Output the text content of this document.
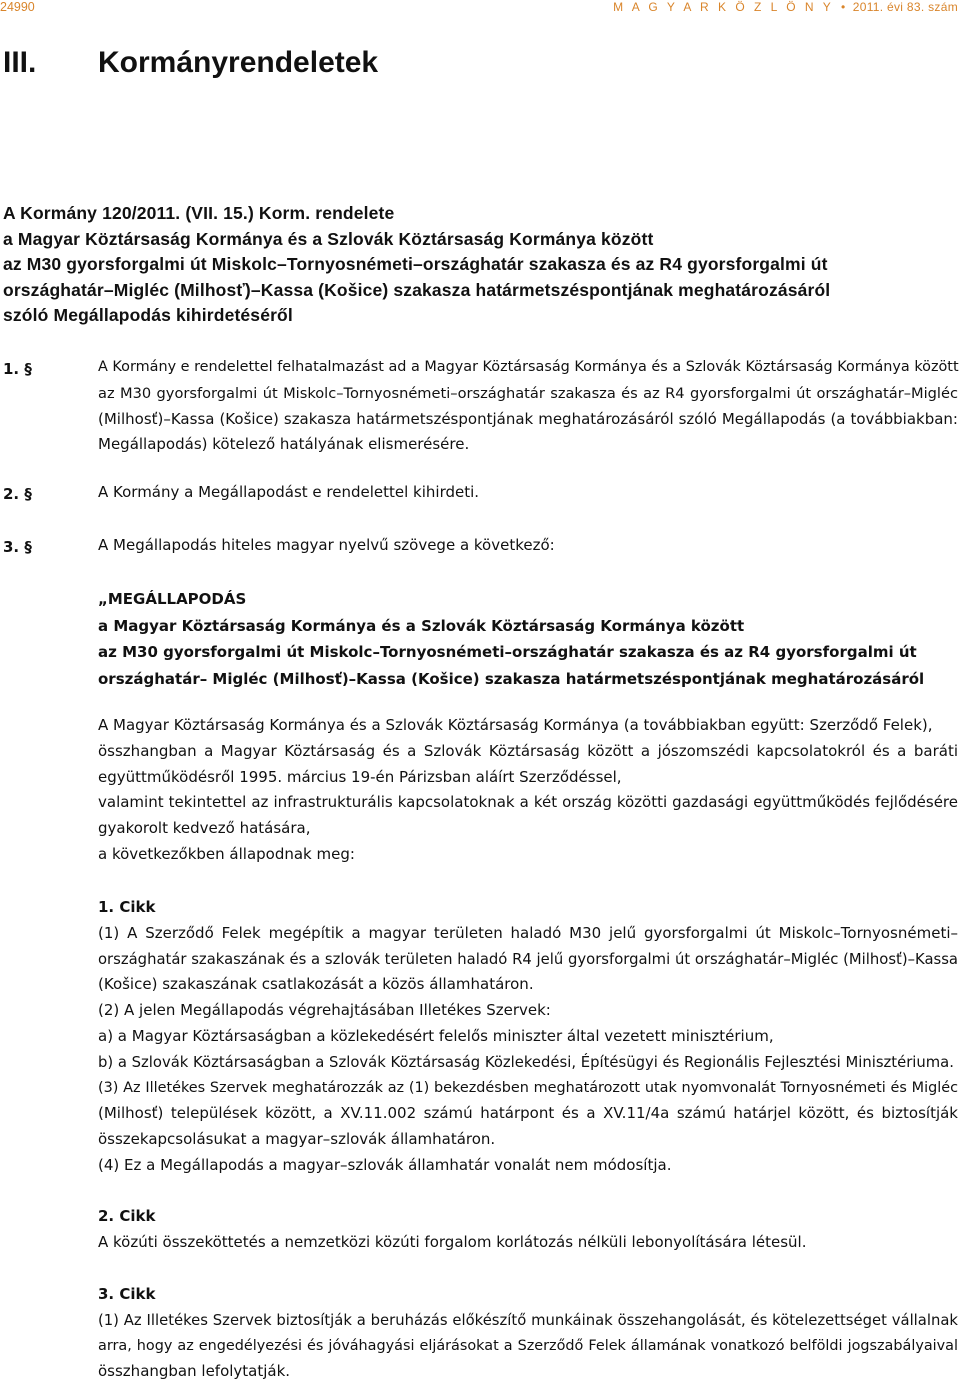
24990	M A G Y A R K Ö Z L Ö N Y  •  2011. évi 83. szám
III. Kormányrendeletek
A Kormány 120/2011. (VII. 15.) Korm. rendelete
a Magyar Köztársaság Kormánya és a Szlovák Köztársaság Kormánya között
az M30 gyorsforgalmi út Miskolc–Tornyosnémeti–országhatár szakasza és az R4 gyorsforgalmi út
országhatár–Migléc (Milhosť)–Kassa (Košice) szakasza határmetszéspontjának meghatározásáról
szóló Megállapodás kihirdetéséről
1. §	A Kormány e rendelettel felhatalmazást ad a Magyar Köztársaság Kormánya és a Szlovák Köztársaság Kormánya között
az M30 gyorsforgalmi út Miskolc–Tornyosnémeti–országhatár szakasza és az R4 gyorsforgalmi út országhatár–Migléc
(Milhosť)–Kassa (Košice) szakasza határmetszéspontjának meghatározásáról szóló Megállapodás (a továbbiakban:
Megállapodás) kötelező hatályának elismerésére.
2. §	A Kormány a Megállapodást e rendelettel kihirdeti.
3. §	A Megállapodás hiteles magyar nyelvű szövege a következő:
„MEGÁLLAPODÁS
a Magyar Köztársaság Kormánya és a Szlovák Köztársaság Kormánya között
az M30 gyorsforgalmi út Miskolc–Tornyosnémeti–országhatár szakasza és az R4 gyorsforgalmi út
országhatár– Migléc (Milhosť)–Kassa (Košice) szakasza határmetszéspontjának meghatározásáról
A Magyar Köztársaság Kormánya és a Szlovák Köztársaság Kormánya (a továbbiakban együtt: Szerződő Felek),
összhangban a Magyar Köztársaság és a Szlovák Köztársaság között a jószomszédi kapcsolatokról és a baráti
együttműködésről 1995. március 19-én Párizsban aláírt Szerződéssel,
valamint tekintettel az infrastrukturális kapcsolatoknak a két ország közötti gazdasági együttműködés fejlődésére
gyakorolt kedvező hatására,
a következőkben állapodnak meg:
1. Cikk
(1) A Szerződő Felek megépítik a magyar területen haladó M30 jelű gyorsforgalmi út Miskolc–Tornyosnémeti–
országhatár szakaszának és a szlovák területen haladó R4 jelű gyorsforgalmi út országhatár–Migléc (Milhosť)–Kassa
(Košice) szakaszának csatlakozását a közös államhatáron.
(2) A jelen Megállapodás végrehajtásában Illetékes Szervek:
a) a Magyar Köztársaságban a közlekedésért felelős miniszter által vezetett minisztérium,
b) a Szlovák Köztársaságban a Szlovák Köztársaság Közlekedési, Építésügyi és Regionális Fejlesztési Minisztériuma.
(3) Az Illetékes Szervek meghatározzák az (1) bekezdésben meghatározott utak nyomvonalát Tornyosnémeti és Migléc
(Milhosť) települések között, a XV.11.002 számú határpont és a XV.11/4a számú határjel között, és biztosítják
összekapcsolásukat a magyar–szlovák államhatáron.
(4) Ez a Megállapodás a magyar–szlovák államhatár vonalát nem módosítja.
2. Cikk
A közúti összeköttetés a nemzetközi közúti forgalom korlátozás nélküli lebonyolítására létesül.
3. Cikk
(1) Az Illetékes Szervek biztosítják a beruházás előkészítő munkáinak összehangolását, és kötelezettséget vállalnak
arra, hogy az engedélyezési és jóváhagyási eljárásokat a Szerződő Felek államának vonatkozó belföldi jogszabályaival
összhangban lefolytatják.
